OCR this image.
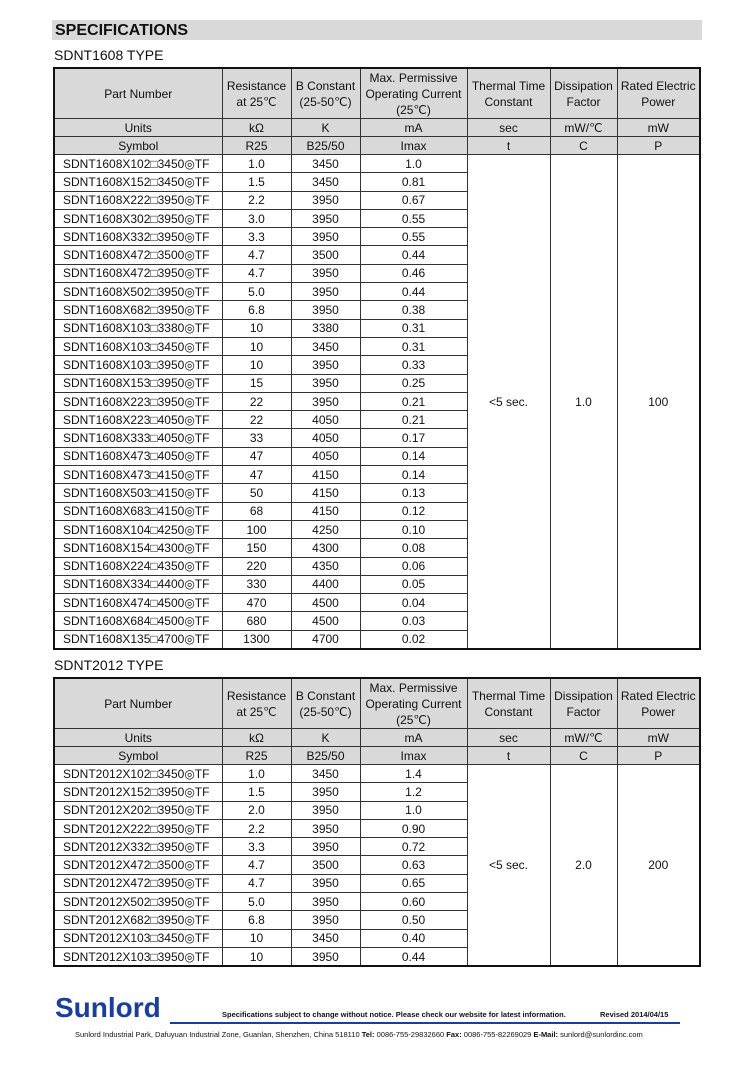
SPECIFICATIONS
SDNT1608 TYPE
Part Number	Resistance at 25℃	B Constant (25-50℃)	Max. Permissive Operating Current (25℃)	Thermal Time Constant	Dissipation Factor	Rated Electric Power
Units	kΩ	K	mA	sec	mW/℃	mW
Symbol	R25	B25/50	Imax	t	C	P
SDNT1608X102□3450◎TF	1.0	3450	1.0	<5 sec.	1.0	100
SDNT1608X152□3450◎TF	1.5	3450	0.81			
SDNT1608X222□3950◎TF	2.2	3950	0.67			
SDNT1608X302□3950◎TF	3.0	3950	0.55			
SDNT1608X332□3950◎TF	3.3	3950	0.55			
SDNT1608X472□3500◎TF	4.7	3500	0.44			
SDNT1608X472□3950◎TF	4.7	3950	0.46			
SDNT1608X502□3950◎TF	5.0	3950	0.44			
SDNT1608X682□3950◎TF	6.8	3950	0.38			
SDNT1608X103□3380◎TF	10	3380	0.31			
SDNT1608X103□3450◎TF	10	3450	0.31			
SDNT1608X103□3950◎TF	10	3950	0.33			
SDNT1608X153□3950◎TF	15	3950	0.25			
SDNT1608X223□3950◎TF	22	3950	0.21			
SDNT1608X223□4050◎TF	22	4050	0.21			
SDNT1608X333□4050◎TF	33	4050	0.17			
SDNT1608X473□4050◎TF	47	4050	0.14			
SDNT1608X473□4150◎TF	47	4150	0.14			
SDNT1608X503□4150◎TF	50	4150	0.13			
SDNT1608X683□4150◎TF	68	4150	0.12			
SDNT1608X104□4250◎TF	100	4250	0.10			
SDNT1608X154□4300◎TF	150	4300	0.08			
SDNT1608X224□4350◎TF	220	4350	0.06			
SDNT1608X334□4400◎TF	330	4400	0.05			
SDNT1608X474□4500◎TF	470	4500	0.04			
SDNT1608X684□4500◎TF	680	4500	0.03			
SDNT1608X135□4700◎TF	1300	4700	0.02			
SDNT2012 TYPE
Part Number	Resistance at 25℃	B Constant (25-50℃)	Max. Permissive Operating Current (25℃)	Thermal Time Constant	Dissipation Factor	Rated Electric Power
Units	kΩ	K	mA	sec	mW/℃	mW
Symbol	R25	B25/50	Imax	t	C	P
SDNT2012X102□3450◎TF	1.0	3450	1.4	<5 sec.	2.0	200
SDNT2012X152□3950◎TF	1.5	3950	1.2			
SDNT2012X202□3950◎TF	2.0	3950	1.0			
SDNT2012X222□3950◎TF	2.2	3950	0.90			
SDNT2012X332□3950◎TF	3.3	3950	0.72			
SDNT2012X472□3500◎TF	4.7	3500	0.63			
SDNT2012X472□3950◎TF	4.7	3950	0.65			
SDNT2012X502□3950◎TF	5.0	3950	0.60			
SDNT2012X682□3950◎TF	6.8	3950	0.50			
SDNT2012X103□3450◎TF	10	3450	0.40			
SDNT2012X103□3950◎TF	10	3950	0.44			
Sunlord	Specifications subject to change without notice. Please check our website for latest information.	Revised 2014/04/15
Sunlord Industrial Park, Dafuyuan Industrial Zone, Guanlan, Shenzhen, China 518110 Tel: 0086-755-29832660 Fax: 0086-755-82269029 E-Mail: sunlord@sunlordinc.com
